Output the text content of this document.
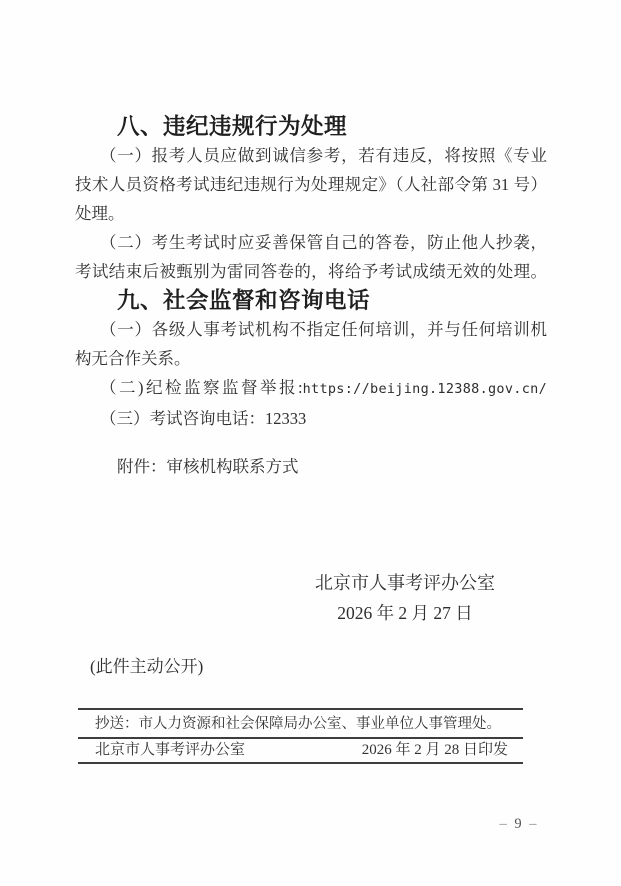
八、违纪违规行为处理
（一）报考人员应做到诚信参考，若有违反，将按照《专业
技术人员资格考试违纪违规行为处理规定》（人社部令第 31 号）
处理。
（二）考生考试时应妥善保管自己的答卷，防止他人抄袭，
考试结束后被甄别为雷同答卷的，将给予考试成绩无效的处理。
九、社会监督和咨询电话
（一）各级人事考试机构不指定任何培训，并与任何培训机
构无合作关系。
（二)纪检监察监督举报:https://beijing.12388.gov.cn/
（三）考试咨询电话：12333
附件：审核机构联系方式
北京市人事考评办公室
2026 年 2 月 27 日
(此件主动公开)
抄送：市人力资源和社会保障局办公室、事业单位人事管理处。
北京市人事考评办公室	2026 年 2 月 28 日印发
– 9 –
